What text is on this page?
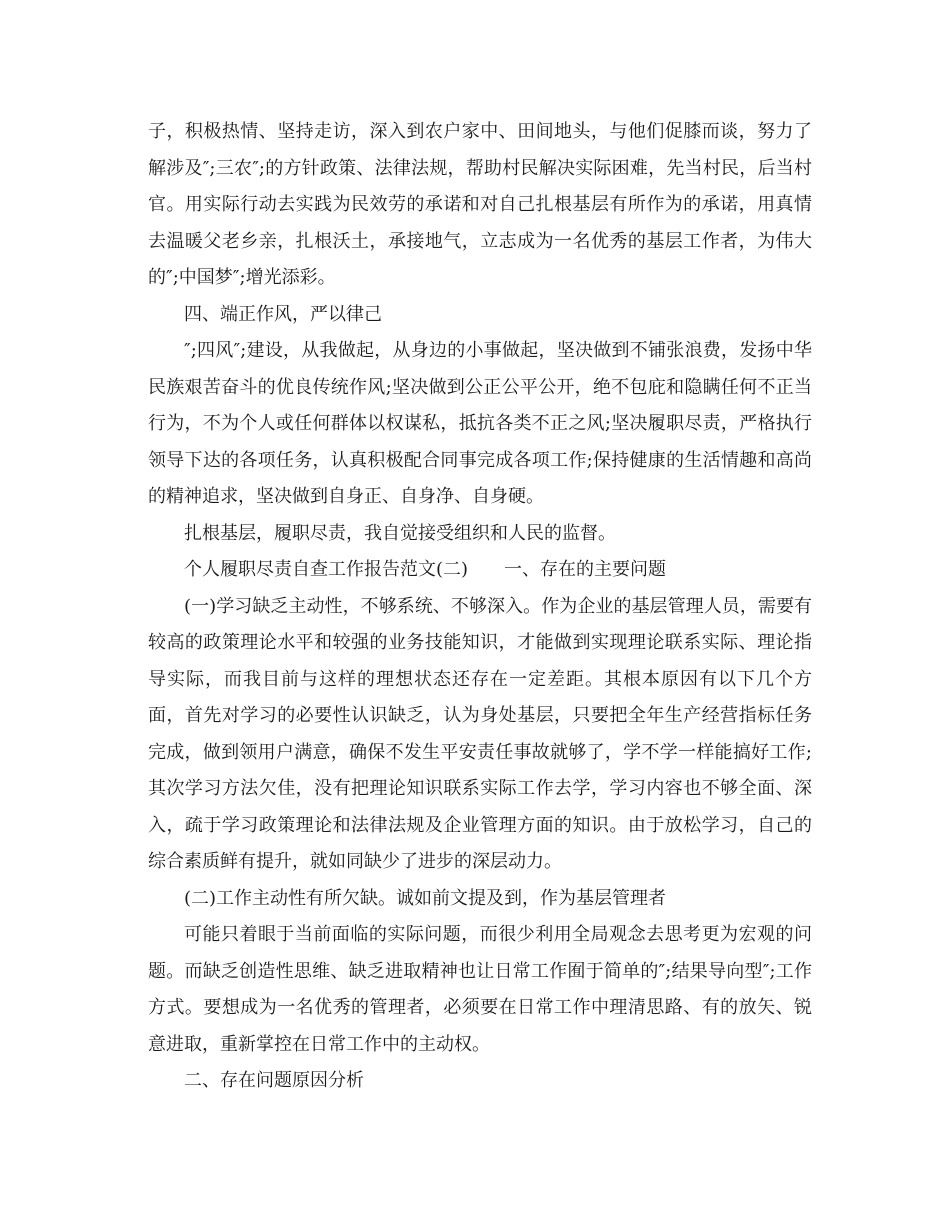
子，积极热情、坚持走访，深入到农户家中、田间地头，与他们促膝而谈，努力了解涉及″;三农″;的方针政策、法律法规，帮助村民解决实际困难，先当村民，后当村官。用实际行动去实践为民效劳的承诺和对自己扎根基层有所作为的承诺，用真情去温暖父老乡亲，扎根沃土，承接地气，立志成为一名优秀的基层工作者，为伟大的″;中国梦″;增光添彩。

四、端正作风，严以律己

″;四风″;建设，从我做起，从身边的小事做起，坚决做到不铺张浪费，发扬中华民族艰苦奋斗的优良传统作风;坚决做到公正公平公开，绝不包庇和隐瞒任何不正当行为，不为个人或任何群体以权谋私，抵抗各类不正之风;坚决履职尽责，严格执行领导下达的各项任务，认真积极配合同事完成各项工作;保持健康的生活情趣和高尚的精神追求，坚决做到自身正、自身净、自身硬。

扎根基层，履职尽责，我自觉接受组织和人民的监督。

个人履职尽责自查工作报告范文(二) 一、存在的主要问题

(一)学习缺乏主动性，不够系统、不够深入。作为企业的基层管理人员，需要有较高的政策理论水平和较强的业务技能知识，才能做到实现理论联系实际、理论指导实际，而我目前与这样的理想状态还存在一定差距。其根本原因有以下几个方面，首先对学习的必要性认识缺乏，认为身处基层，只要把全年生产经营指标任务完成，做到领用户满意，确保不发生平安责任事故就够了，学不学一样能搞好工作;其次学习方法欠佳，没有把理论知识联系实际工作去学，学习内容也不够全面、深入，疏于学习政策理论和法律法规及企业管理方面的知识。由于放松学习，自己的综合素质鲜有提升，就如同缺少了进步的深层动力。

(二)工作主动性有所欠缺。诚如前文提及到，作为基层管理者

可能只着眼于当前面临的实际问题，而很少利用全局观念去思考更为宏观的问题。而缺乏创造性思维、缺乏进取精神也让日常工作囿于简单的″;结果导向型″;工作方式。要想成为一名优秀的管理者，必须要在日常工作中理清思路、有的放矢、锐意进取，重新掌控在日常工作中的主动权。

二、存在问题原因分析
